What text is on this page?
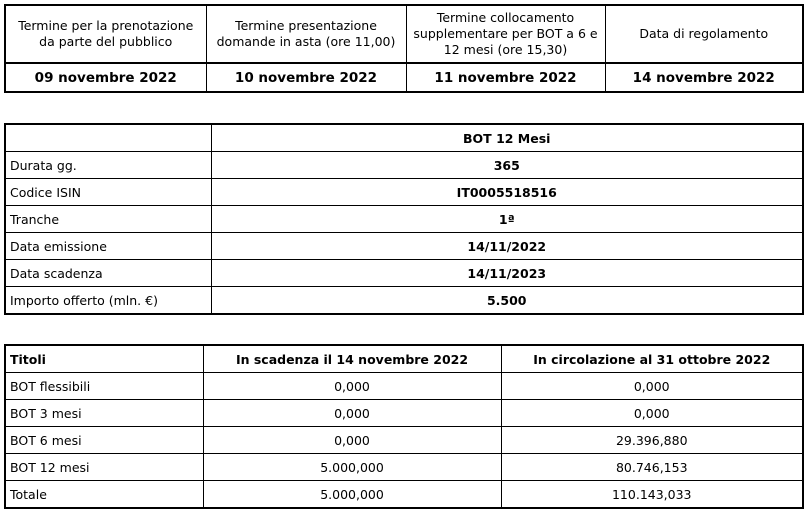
Termine per la prenotazione da parte del pubblico	Termine presentazione domande in asta (ore 11,00)	Termine collocamento supplementare per BOT a 6 e 12 mesi (ore 15,30)	Data di regolamento
09 novembre 2022	10 novembre 2022	11 novembre 2022	14 novembre 2022
	BOT 12 Mesi
Durata gg.	365
Codice ISIN	IT0005518516
Tranche	1ª
Data emissione	14/11/2022
Data scadenza	14/11/2023
Importo offerto (mln. €)	5.500
Titoli	In scadenza il 14 novembre 2022	In circolazione al 31 ottobre 2022
BOT flessibili	0,000	0,000
BOT 3 mesi	0,000	0,000
BOT 6 mesi	0,000	29.396,880
BOT 12 mesi	5.000,000	80.746,153
Totale	5.000,000	110.143,033
